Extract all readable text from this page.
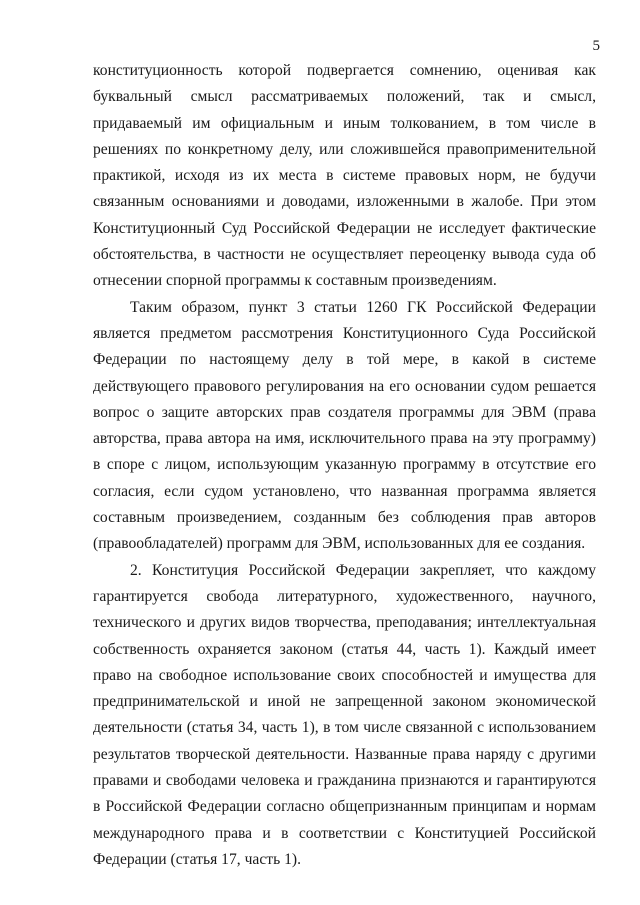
5

конституционность которой подвергается сомнению, оценивая как буквальный смысл рассматриваемых положений, так и смысл, придаваемый им официальным и иным толкованием, в том числе в решениях по конкретному делу, или сложившейся правоприменительной практикой, исходя из их места в системе правовых норм, не будучи связанным основаниями и доводами, изложенными в жалобе. При этом Конституционный Суд Российской Федерации не исследует фактические обстоятельства, в частности не осуществляет переоценку вывода суда об отнесении спорной программы к составным произведениям.

Таким образом, пункт 3 статьи 1260 ГК Российской Федерации является предметом рассмотрения Конституционного Суда Российской Федерации по настоящему делу в той мере, в какой в системе действующего правового регулирования на его основании судом решается вопрос о защите авторских прав создателя программы для ЭВМ (права авторства, права автора на имя, исключительного права на эту программу) в споре с лицом, использующим указанную программу в отсутствие его согласия, если судом установлено, что названная программа является составным произведением, созданным без соблюдения прав авторов (правообладателей) программ для ЭВМ, использованных для ее создания.

2. Конституция Российской Федерации закрепляет, что каждому гарантируется свобода литературного, художественного, научного, технического и других видов творчества, преподавания; интеллектуальная собственность охраняется законом (статья 44, часть 1). Каждый имеет право на свободное использование своих способностей и имущества для предпринимательской и иной не запрещенной законом экономической деятельности (статья 34, часть 1), в том числе связанной с использованием результатов творческой деятельности. Названные права наряду с другими правами и свободами человека и гражданина признаются и гарантируются в Российской Федерации согласно общепризнанным принципам и нормам международного права и в соответствии с Конституцией Российской Федерации (статья 17, часть 1).
